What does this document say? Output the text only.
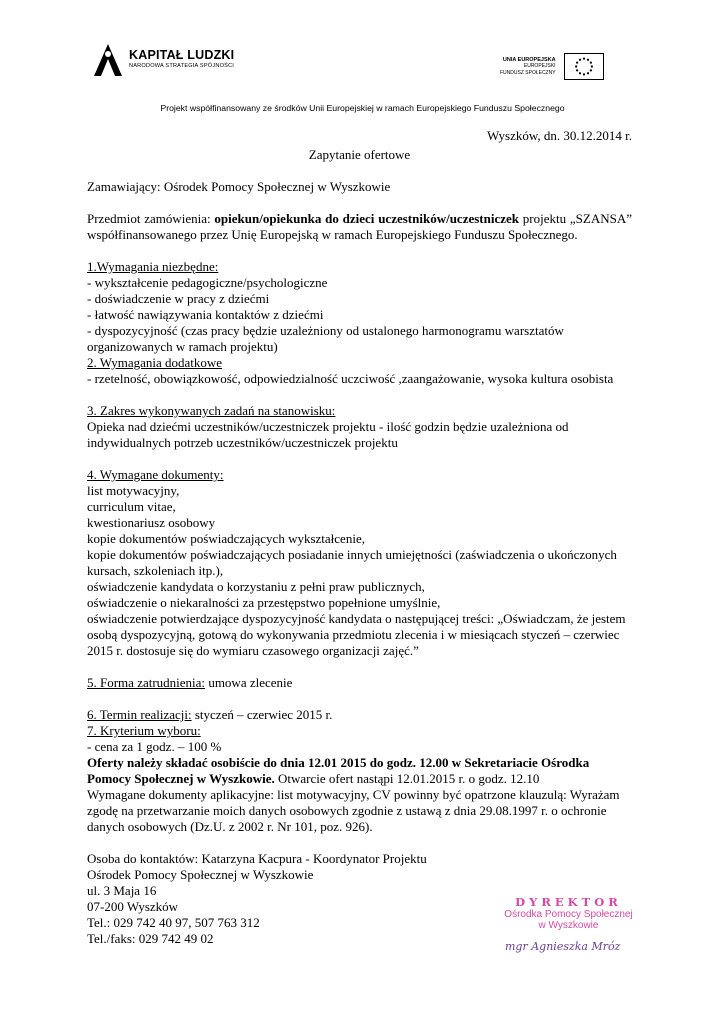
KAPITAŁ LUDZKI
NARODOWA STRATEGIA SPÓJNOŚCI
UNIA EUROPEJSKA
EUROPEJSKI
FUNDUSZ SPOŁECZNY
Projekt współfinansowany ze środków Unii Europejskiej w ramach Europejskiego Funduszu Społecznego

Wyszków, dn. 30.12.2014 r.

Zapytanie ofertowe

Zamawiający: Ośrodek Pomocy Społecznej w Wyszkowie

Przedmiot zamówienia: opiekun/opiekunka do dzieci uczestników/uczestniczek projektu „SZANSA” współfinansowanego przez Unię Europejską w ramach Europejskiego Funduszu Społecznego.

1.Wymagania niezbędne:

- wykształcenie pedagogiczne/psychologiczne

- doświadczenie w pracy z dziećmi

- łatwość nawiązywania kontaktów z dziećmi

- dyspozycyjność (czas pracy będzie uzależniony od ustalonego harmonogramu warsztatów organizowanych w ramach projektu)

2. Wymagania dodatkowe

- rzetelność, obowiązkowość, odpowiedzialność uczciwość ,zaangażowanie, wysoka kultura osobista

3. Zakres wykonywanych zadań na stanowisku:

Opieka nad dziećmi uczestników/uczestniczek projektu - ilość godzin będzie uzależniona od indywidualnych potrzeb uczestników/uczestniczek projektu

4. Wymagane dokumenty:

list motywacyjny,

curriculum vitae,

kwestionariusz osobowy

kopie dokumentów poświadczających wykształcenie,

kopie dokumentów poświadczających posiadanie innych umiejętności (zaświadczenia o ukończonych kursach, szkoleniach itp.),

oświadczenie kandydata o korzystaniu z pełni praw publicznych,

oświadczenie o niekaralności za przestępstwo popełnione umyślnie,

oświadczenie potwierdzające dyspozycyjność kandydata o następującej treści: „Oświadczam, że jestem osobą dyspozycyjną, gotową do wykonywania przedmiotu zlecenia i w miesiącach styczeń – czerwiec 2015 r. dostosuje się do wymiaru czasowego organizacji zajęć.”

5. Forma zatrudnienia: umowa zlecenie

6. Termin realizacji: styczeń – czerwiec 2015 r.

7. Kryterium wyboru:

- cena za 1 godz. – 100 %

Oferty należy składać osobiście do dnia 12.01 2015 do godz. 12.00 w Sekretariacie Ośrodka Pomocy Społecznej w Wyszkowie. Otwarcie ofert nastąpi 12.01.2015 r. o godz. 12.10

Wymagane dokumenty aplikacyjne: list motywacyjny, CV powinny być opatrzone klauzulą: Wyrażam zgodę na przetwarzanie moich danych osobowych zgodnie z ustawą z dnia 29.08.1997 r. o ochronie danych osobowych (Dz.U. z 2002 r. Nr 101, poz. 926).

Osoba do kontaktów: Katarzyna Kacpura - Koordynator Projektu

Ośrodek Pomocy Społecznej w Wyszkowie

ul. 3 Maja 16

07-200 Wyszków

Tel.: 029 742 40 97, 507 763 312

Tel./faks: 029 742 49 02

DYREKTOR
Ośrodka Pomocy Społecznej
w Wyszkowie
mgr Agnieszka Mróz
